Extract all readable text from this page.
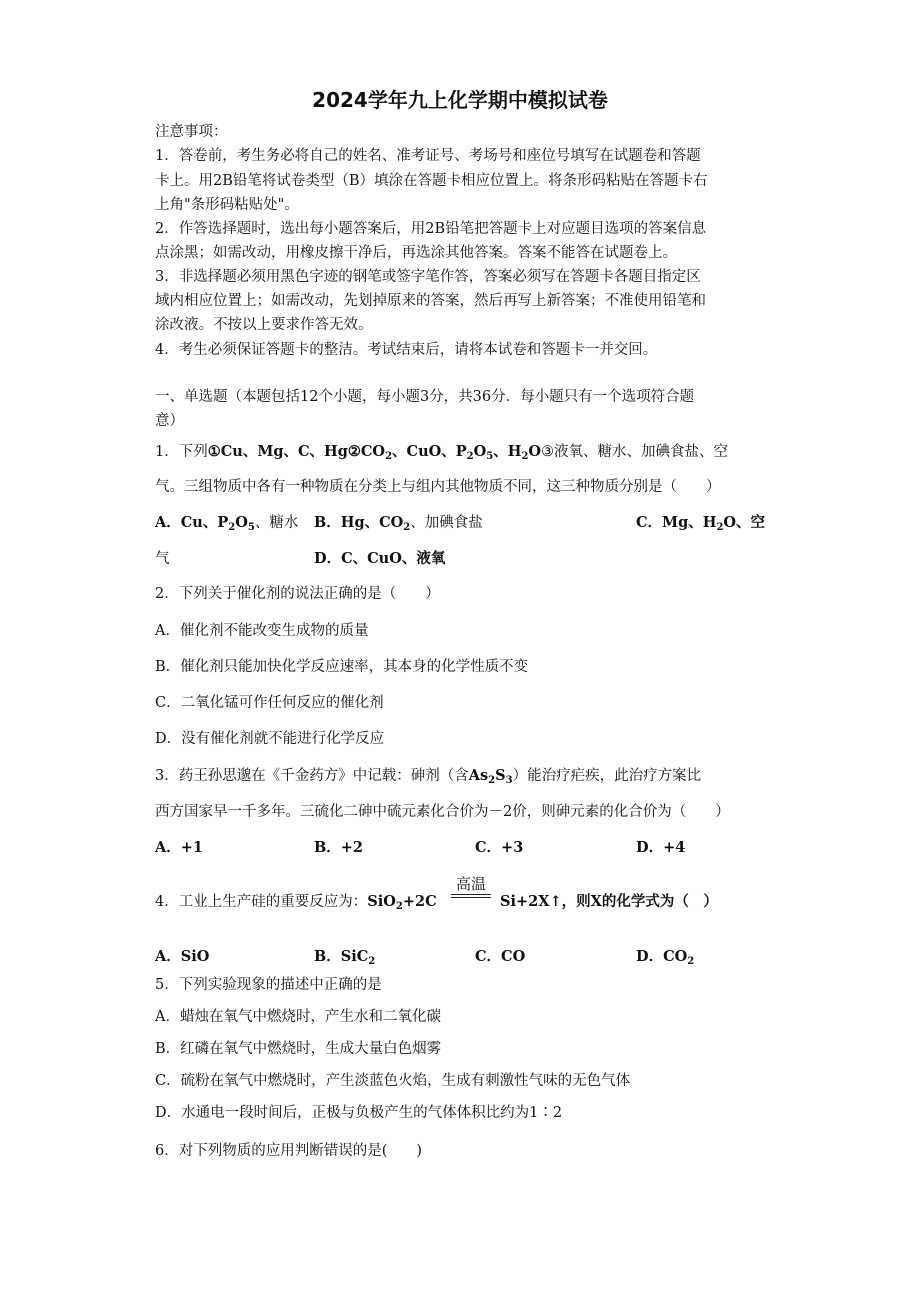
2024学年九上化学期中模拟试卷
注意事项：
1．答卷前，考生务必将自己的姓名、准考证号、考场号和座位号填写在试题卷和答题
卡上。用2B铅笔将试卷类型（B）填涂在答题卡相应位置上。将条形码粘贴在答题卡右
上角"条形码粘贴处"。
2．作答选择题时，选出每小题答案后，用2B铅笔把答题卡上对应题目选项的答案信息
点涂黑；如需改动，用橡皮擦干净后，再选涂其他答案。答案不能答在试题卷上。
3．非选择题必须用黑色字迹的钢笔或签字笔作答，答案必须写在答题卡各题目指定区
域内相应位置上；如需改动，先划掉原来的答案，然后再写上新答案；不准使用铅笔和
涂改液。不按以上要求作答无效。
4．考生必须保证答题卡的整洁。考试结束后，请将本试卷和答题卡一并交回。
一、单选题（本题包括12个小题，每小题3分，共36分．每小题只有一个选项符合题
意）
1．下列①Cu、Mg、C、$Hg②CO_2$、CuO、$P_2O_5$、$H_2O③$液氧、糖水、加碘食盐、空
气。三组物质中各有一种物质在分类上与组内其他物质不同，这三种物质分别是（　　）
A．Cu、$P_2O_5$、糖水 B．Hg、$CO_2$、加碘食盐	C．Mg、$H_2O$、空
气	D．C、CuO、液氧
2．下列关于催化剂的说法正确的是（　　）
A．催化剂不能改变生成物的质量
B．催化剂只能加快化学反应速率，其本身的化学性质不变
C．二氧化锰可作任何反应的催化剂
D．没有催化剂就不能进行化学反应
3．药王孙思邈在《千金药方》中记载：砷剂（含$As_2S_3$）能治疗疟疾，此治疗方案比
西方国家早一千多年。三硫化二砷中硫元素化合价为－2价，则砷元素的化合价为（　　）
A．+1	B．+2	C．+3	D．+4
4．工业上生产硅的重要反应为：SiO$_2$+2C
高温
Si+2X↑，则X的化学式为（　）
A．SiO	B．SiC$_2$	C．CO	D．$CO_2$
5．下列实验现象的描述中正确的是
A．蜡烛在氧气中燃烧时，产生水和二氧化碳
B．红磷在氧气中燃烧时，生成大量白色烟雾
C．硫粉在氧气中燃烧时，产生淡蓝色火焰，生成有刺激性气味的无色气体
D．水通电一段时间后，正极与负极产生的气体体积比约为1∶2
6．对下列物质的应用判断错误的是(　　)
